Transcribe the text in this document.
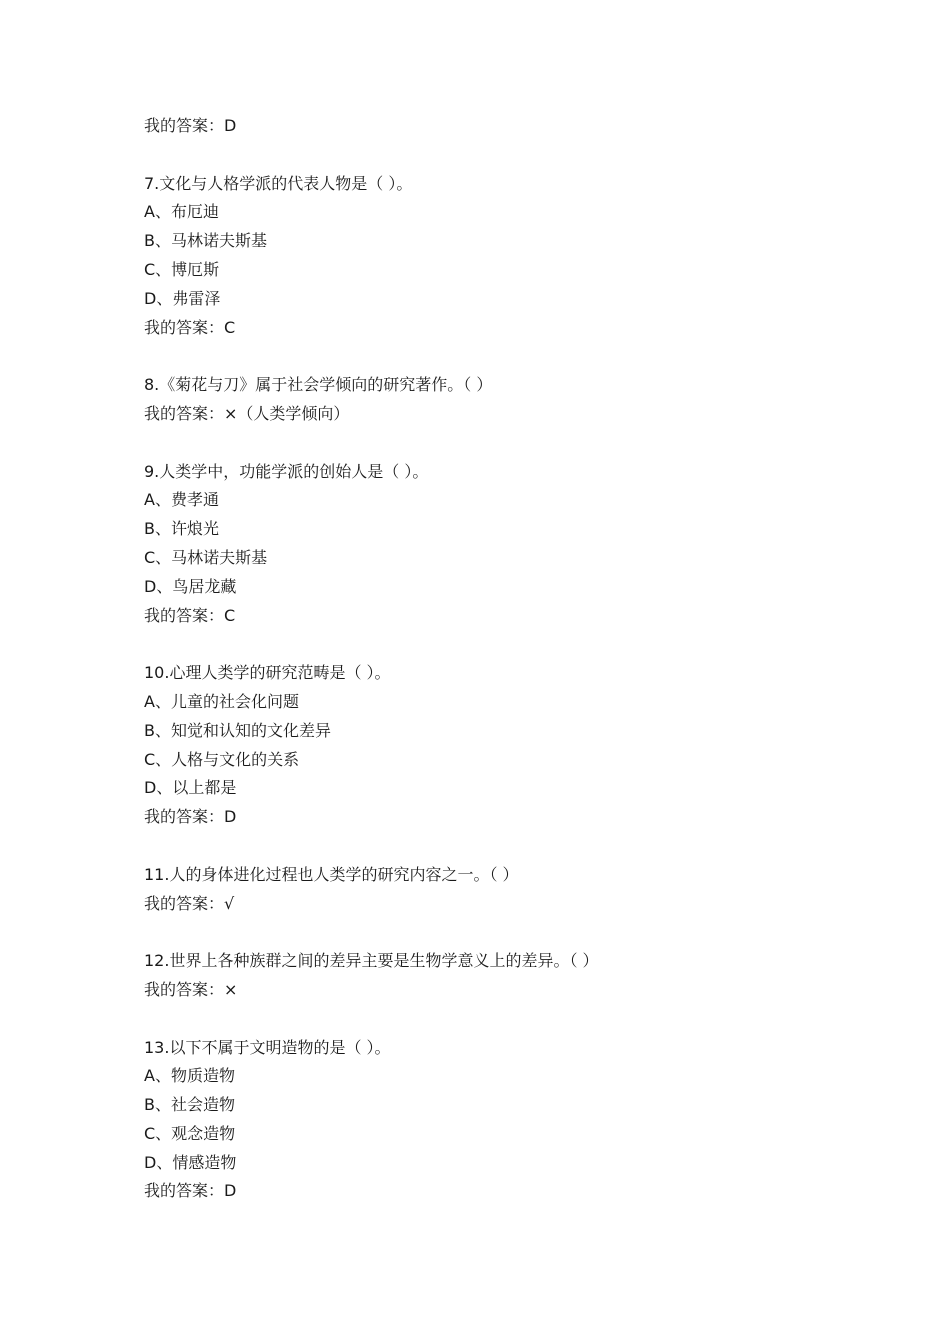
我的答案：D
7.文化与人格学派的代表人物是（ ）。
A、布厄迪
B、马林诺夫斯基
C、博厄斯
D、弗雷泽
我的答案：C
8.《菊花与刀》属于社会学倾向的研究著作。（ ）
我的答案：×（人类学倾向）
9.人类学中，功能学派的创始人是（ ）。
A、费孝通
B、许烺光
C、马林诺夫斯基
D、鸟居龙藏
我的答案：C
10.心理人类学的研究范畴是（ ）。
A、儿童的社会化问题
B、知觉和认知的文化差异
C、人格与文化的关系
D、以上都是
我的答案：D
11.人的身体进化过程也人类学的研究内容之一。（ ）
我的答案：√
12.世界上各种族群之间的差异主要是生物学意义上的差异。（ ）
我的答案：×
13.以下不属于文明造物的是（ ）。
A、物质造物
B、社会造物
C、观念造物
D、情感造物
我的答案：D
